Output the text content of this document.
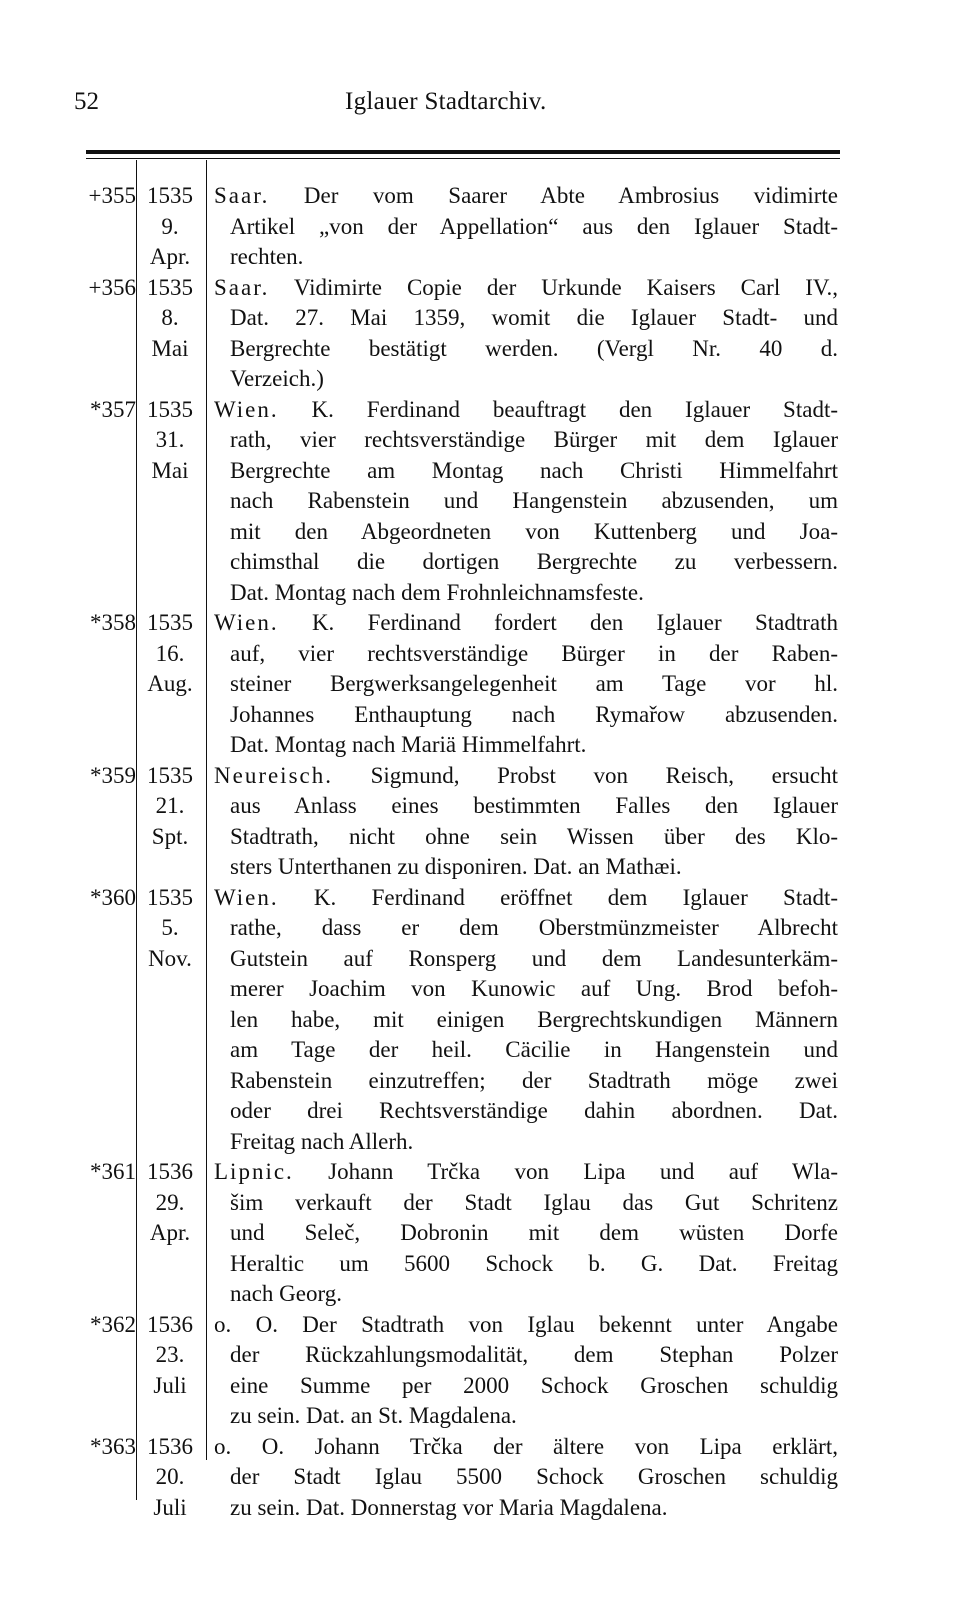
52	Iglauer Stadtarchiv.
+355 1535
9.
Apr.
Saar. Der vom Saarer Abte Ambrosius vidimirte
Artikel „von der Appellation“ aus den Iglauer Stadt-
rechten.
+356 1535
8.
Mai
Saar. Vidimirte Copie der Urkunde Kaisers Carl IV.,
Dat. 27. Mai 1359, womit die Iglauer Stadt- und
Bergrechte bestätigt werden. (Vergl Nr. 40 d.
Verzeich.)
*357 1535
31.
Mai
Wien. K. Ferdinand beauftragt den Iglauer Stadt-
rath, vier rechtsverständige Bürger mit dem Iglauer
Bergrechte am Montag nach Christi Himmelfahrt
nach Rabenstein und Hangenstein abzusenden, um
mit den Abgeordneten von Kuttenberg und Joa-
chimsthal die dortigen Bergrechte zu verbessern.
Dat. Montag nach dem Frohnleichnamsfeste.
*358 1535
16.
Aug.
Wien. K. Ferdinand fordert den Iglauer Stadtrath
auf, vier rechtsverständige Bürger in der Raben-
steiner Bergwerksangelegenheit am Tage vor hl.
Johannes Enthauptung nach Rymařow abzusenden.
Dat. Montag nach Mariä Himmelfahrt.
*359 1535
21.
Spt.
Neureisch. Sigmund, Probst von Reisch, ersucht
aus Anlass eines bestimmten Falles den Iglauer
Stadtrath, nicht ohne sein Wissen über des Klo-
sters Unterthanen zu disponiren. Dat. an Mathæi.
*360 1535
5.
Nov.
Wien. K. Ferdinand eröffnet dem Iglauer Stadt-
rathe, dass er dem Oberstmünzmeister Albrecht
Gutstein auf Ronsperg und dem Landesunterkäm-
merer Joachim von Kunowic auf Ung. Brod befoh-
len habe, mit einigen Bergrechtskundigen Männern
am Tage der heil. Cäcilie in Hangenstein und
Rabenstein einzutreffen; der Stadtrath möge zwei
oder drei Rechtsverständige dahin abordnen. Dat.
Freitag nach Allerh.
*361 1536
29.
Apr.
Lipnic. Johann Trčka von Lipa und auf Wla-
šim verkauft der Stadt Iglau das Gut Schritenz
und Seleč, Dobronin mit dem wüsten Dorfe
Heraltic um 5600 Schock b. G. Dat. Freitag
nach Georg.
*362 1536
23.
Juli
o. O. Der Stadtrath von Iglau bekennt unter Angabe
der Rückzahlungsmodalität, dem Stephan Polzer
eine Summe per 2000 Schock Groschen schuldig
zu sein. Dat. an St. Magdalena.
*363 1536
20.
Juli
o. O. Johann Trčka der ältere von Lipa erklärt,
der Stadt Iglau 5500 Schock Groschen schuldig
zu sein. Dat. Donnerstag vor Maria Magdalena.
